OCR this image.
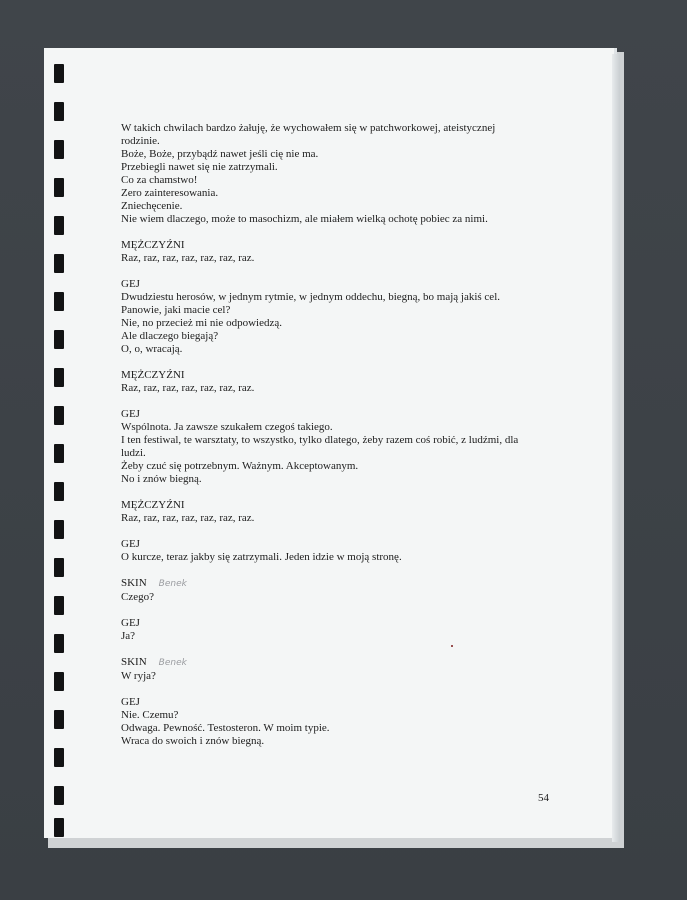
W takich chwilach bardzo żałuję, że wychowałem się w patchworkowej, ateistycznej

rodzinie.

Boże, Boże, przybądź nawet jeśli cię nie ma.

Przebiegli nawet się nie zatrzymali.

Co za chamstwo!

Zero zainteresowania.

Zniechęcenie.

Nie wiem dlaczego, może to masochizm, ale miałem wielką ochotę pobiec za nimi.

MĘŻCZYŹNI

Raz, raz, raz, raz, raz, raz, raz.

GEJ

Dwudziestu herosów, w jednym rytmie, w jednym oddechu, biegną, bo mają jakiś cel.

Panowie, jaki macie cel?

Nie, no przecież mi nie odpowiedzą.

Ale dlaczego biegają?

O, o, wracają.

MĘŻCZYŹNI

Raz, raz, raz, raz, raz, raz, raz.

GEJ

Wspólnota. Ja zawsze szukałem czegoś takiego.

I ten festiwal, te warsztaty, to wszystko, tylko dlatego, żeby razem coś robić, z ludźmi, dla

ludzi.

Żeby czuć się potrzebnym. Ważnym. Akceptowanym.

No i znów biegną.

MĘŻCZYŹNI

Raz, raz, raz, raz, raz, raz, raz.

GEJ

O kurcze, teraz jakby się zatrzymali. Jeden idzie w moją stronę.

SKIN Benek

Czego?

GEJ

Ja?

SKIN Benek

W ryja?

GEJ

Nie. Czemu?

Odwaga. Pewność. Testosteron. W moim typie.

Wraca do swoich i znów biegną.

54
